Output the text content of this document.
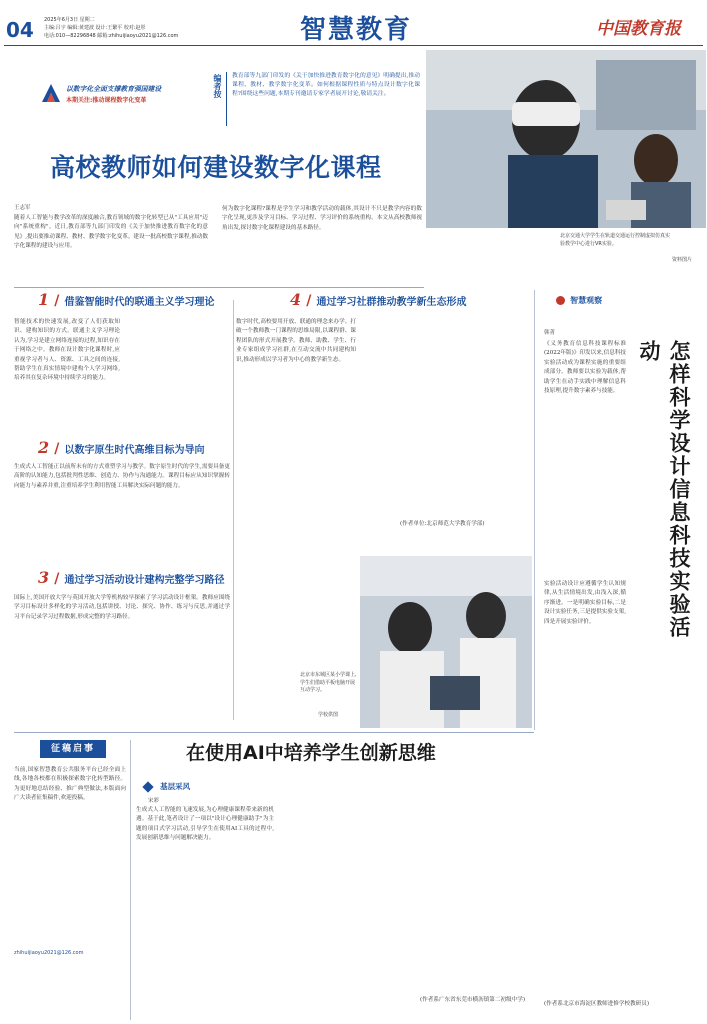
04 2025年6月3日 星期二
主编:吕宇 编辑:黄建波 设计:王繁平 校对:赵彤
电话:010—82296848 邮箱:zhihuijiaoyu2021@126.com	智慧教育	中国教育报
以数字化全面支撑教育强国建设
本期关注:推动课程数字化变革
编者按 教育部等九部门印发的《关于加快推进教育数字化的意见》明确提出,推动课程、教材、教学数字化变革。如何根据课程性质与特点设计数字化课程?围绕这些问题,本期专刊邀请专家学者展开讨论,敬请关注。
北京交通大学学生在轨道交通运行控制虚拟仿真实验教学中心进行VR实验。
资料图片
高校教师如何建设数字化课程
王志军
随着人工智能与教学改革的深度融合,教育领域的数字化转型已从"工具应用"迈向"系统重构"。近日,教育部等九部门印发的《关于加快推进教育数字化的意见》,提出要推动课程、教材、教学数字化变革。建设一批高校数字课程,推动数字化课程的建设与应用。
何为数字化课程?课程是学生学习和教学活动的载体,其设计不只是教学内容的数字化呈现,更涉及学习目标、学习过程、学习评价的系统重构。本文从高校教师视角出发,探讨数字化课程建设的基本路径。
1 / 借鉴智能时代的联通主义学习理论
智能技术的快速发展,改变了人们获取知识、建构知识的方式。联通主义学习理论认为,学习是建立网络连接的过程,知识存在于网络之中。教师在设计数字化课程时,应重视学习者与人、资源、工具之间的连接,帮助学生在真实情境中建构个人学习网络,培养其在复杂环境中持续学习的能力。
2 / 以数字原生时代高维目标为导向
生成式人工智能正以前所未有的方式重塑学习与教学。数字原生时代的学生,需要具备更高阶的认知能力,包括批判性思维、创造力、协作与沟通能力。课程目标应从知识掌握转向能力与素养并重,注重培养学生利用智能工具解决实际问题的能力。
3 / 通过学习活动设计建构完整学习路径
国际上,美国开放大学与英国开放大学等机构较早探索了学习活动设计框架。教师应围绕学习目标设计多样化的学习活动,包括讲授、讨论、探究、协作、练习与反思,并通过学习平台记录学习过程数据,形成完整的学习路径。
4 / 通过学习社群推动教学新生态形成
数字时代,高校要用开放、联通的理念来办学。打破一个教师教一门课程的思维局限,以课程群、课程团队的形式开展教学。教师、助教、学生、行业专家组成学习社群,在互动交流中共同建构知识,推动形成以学习者为中心的教学新生态。
(作者单位:北京师范大学教育学部)
北京市东城区某小学课上,学生们借助平板电脑开展互动学习。
学校供图
智慧观察
韩菁
《义务教育信息科技课程标准(2022年版)》印发以来,信息科技实验活动成为课程实施的重要组成部分。教师要以实验为载体,帮助学生在动手实践中理解信息科技原理,提升数字素养与技能。	怎样科学设计信息科技实验活动
实验活动设计应遵循学生认知规律,从生活情境出发,由浅入深,循序渐进。一是明确实验目标,二是设计实验任务,三是提供实验支架,四是开展实验评价。
征稿启事
当前,国家智慧教育公共服务平台已经全面上线,各地各校都在积极探索数字化转型路径。为更好地总结经验、推广典型做法,本版面向广大读者征集稿件,欢迎投稿。
zhihuijiaoyu2021@126.com
在使用AI中培养学生创新思维
基层采风
宋彩
生成式人工智能的飞速发展,为心理健康课程带来新的机遇。基于此,笔者设计了一项以"设计心理健康助手"为主题的项目式学习活动,引导学生在使用AI工具的过程中,发展创新思维与问题解决能力。
(作者系广东省东莞市横沥镇第二初级中学)
(作者系北京市海淀区教师进修学校教研员)
